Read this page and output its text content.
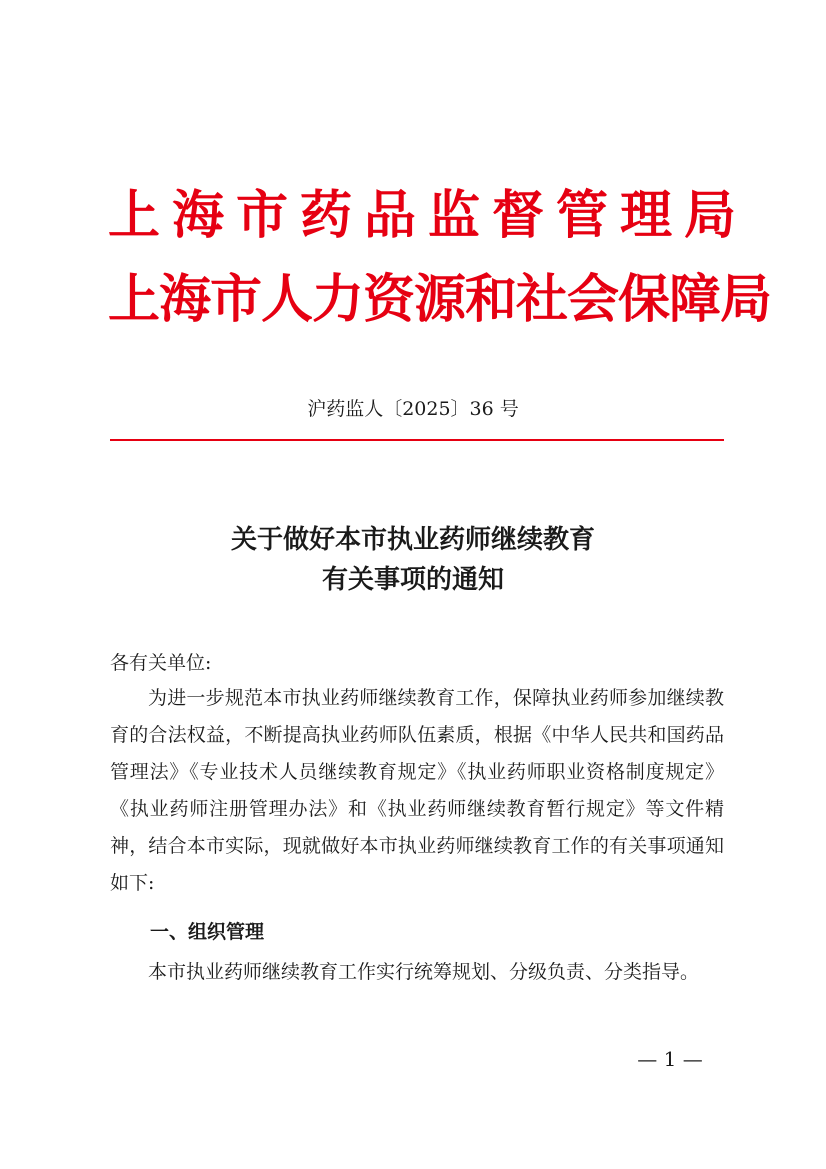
上海市药品监督管理局
上海市人力资源和社会保障局
沪药监人〔2025〕36 号
关于做好本市执业药师继续教育
有关事项的通知

各有关单位:

为进一步规范本市执业药师继续教育工作，保障执业药师参加继续教育的合法权益，不断提高执业药师队伍素质，根据《中华人民共和国药品管理法》《专业技术人员继续教育规定》《执业药师职业资格制度规定》《执业药师注册管理办法》和《执业药师继续教育暂行规定》等文件精神，结合本市实际，现就做好本市执业药师继续教育工作的有关事项通知如下:

一、组织管理

本市执业药师继续教育工作实行统筹规划、分级负责、分类指导。

— 1 —
